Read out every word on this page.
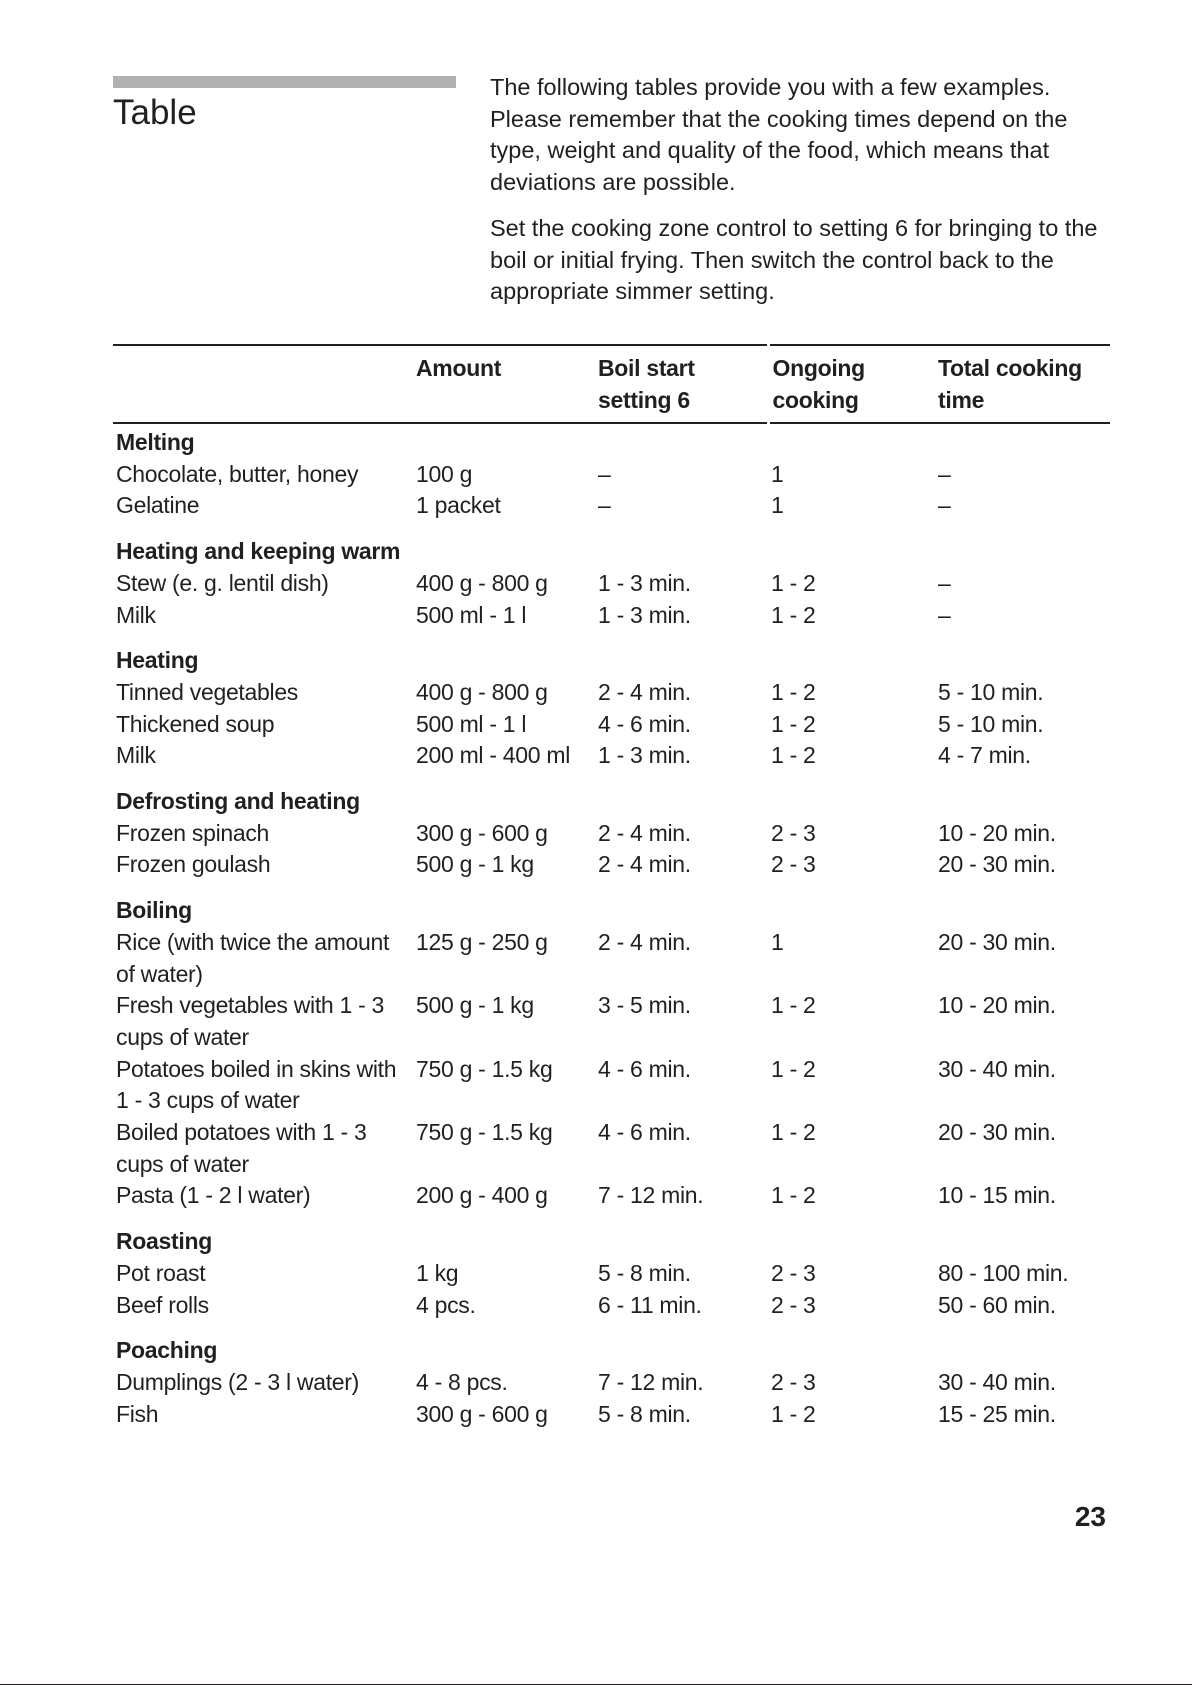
Table

The following tables provide you with a few examples. Please remember that the cooking times depend on the type, weight and quality of the food, which means that deviations are possible.

Set the cooking zone control to setting 6 for bringing to the boil or initial frying. Then switch the control back to the appropriate simmer setting.

	Amount	Boil start setting 6	Ongoing cooking	Total cooking time
Melting				
Chocolate, butter, honey	100 g	–	1	–
Gelatine	1 packet	–	1	–
Heating and keeping warm				
Stew (e. g. lentil dish)	400 g - 800 g	1 - 3 min.	1 - 2	–
Milk	500 ml - 1 l	1 - 3 min.	1 - 2	–
Heating				
Tinned vegetables	400 g - 800 g	2 - 4 min.	1 - 2	5 - 10 min.
Thickened soup	500 ml - 1 l	4 - 6 min.	1 - 2	5 - 10 min.
Milk	200 ml - 400 ml	1 - 3 min.	1 - 2	4 - 7 min.
Defrosting and heating				
Frozen spinach	300 g - 600 g	2 - 4 min.	2 - 3	10 - 20 min.
Frozen goulash	500 g - 1 kg	2 - 4 min.	2 - 3	20 - 30 min.
Boiling				
Rice (with twice the amount of water)	125 g - 250 g	2 - 4 min.	1	20 - 30 min.
Fresh vegetables with 1 - 3 cups of water	500 g - 1 kg	3 - 5 min.	1 - 2	10 - 20 min.
Potatoes boiled in skins with 1 - 3 cups of water	750 g - 1.5 kg	4 - 6 min.	1 - 2	30 - 40 min.
Boiled potatoes with 1 - 3 cups of water	750 g - 1.5 kg	4 - 6 min.	1 - 2	20 - 30 min.
Pasta (1 - 2 l water)	200 g - 400 g	7 - 12 min.	1 - 2	10 - 15 min.
Roasting				
Pot roast	1 kg	5 - 8 min.	2 - 3	80 - 100 min.
Beef rolls	4 pcs.	6 - 11 min.	2 - 3	50 - 60 min.
Poaching				
Dumplings (2 - 3 l water)	4 - 8 pcs.	7 - 12 min.	2 - 3	30 - 40 min.
Fish	300 g - 600 g	5 - 8 min.	1 - 2	15 - 25 min.
23
